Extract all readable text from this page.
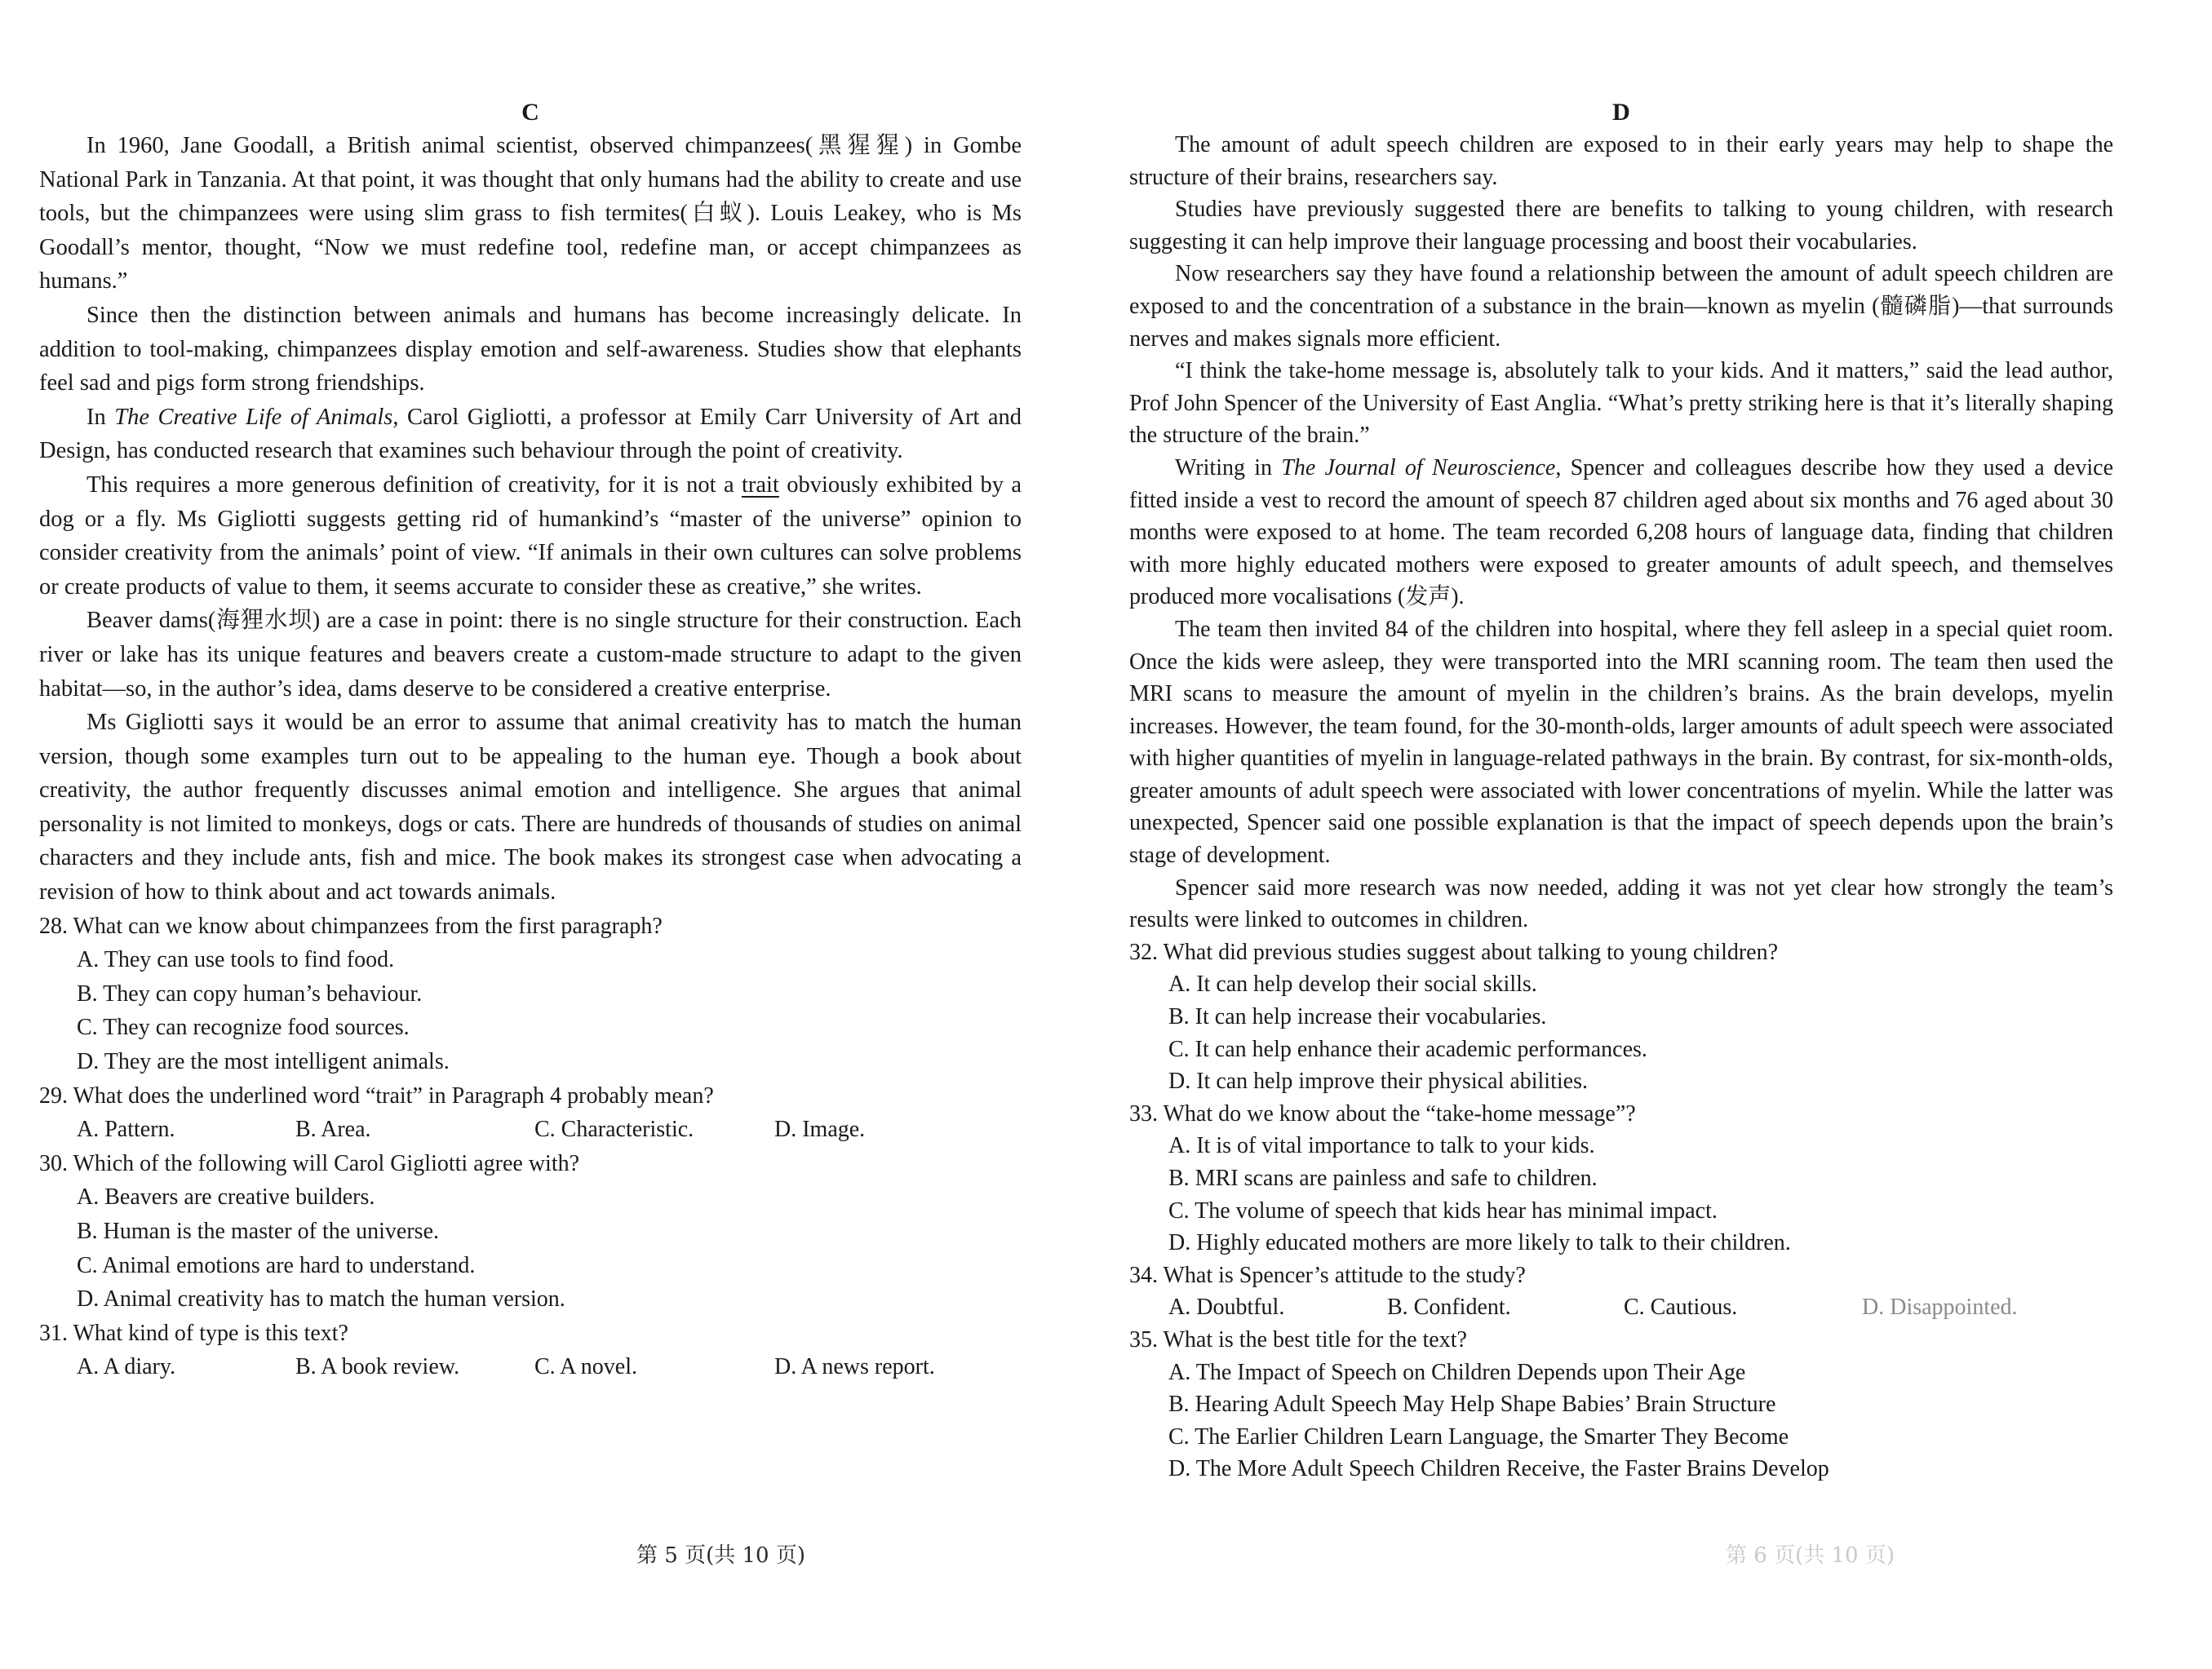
C

In 1960, Jane Goodall, a British animal scientist, observed chimpanzees(黑猩猩) in Gombe National Park in Tanzania. At that point, it was thought that only humans had the ability to create and use tools, but the chimpanzees were using slim grass to fish termites(白蚁). Louis Leakey, who is Ms Goodall’s mentor, thought, “Now we must redefine tool, redefine man, or accept chimpanzees as humans.”

Since then the distinction between animals and humans has become increasingly delicate. In addition to tool-making, chimpanzees display emotion and self-awareness. Studies show that elephants feel sad and pigs form strong friendships.

In The Creative Life of Animals, Carol Gigliotti, a professor at Emily Carr University of Art and Design, has conducted research that examines such behaviour through the point of creativity.

This requires a more generous definition of creativity, for it is not a trait obviously exhibited by a dog or a fly. Ms Gigliotti suggests getting rid of humankind’s “master of the universe” opinion to consider creativity from the animals’ point of view. “If animals in their own cultures can solve problems or create products of value to them, it seems accurate to consider these as creative,” she writes.

Beaver dams(海狸水坝) are a case in point: there is no single structure for their construction. Each river or lake has its unique features and beavers create a custom-made structure to adapt to the given habitat—so, in the author’s idea, dams deserve to be considered a creative enterprise.

Ms Gigliotti says it would be an error to assume that animal creativity has to match the human version, though some examples turn out to be appealing to the human eye. Though a book about creativity, the author frequently discusses animal emotion and intelligence. She argues that animal personality is not limited to monkeys, dogs or cats. There are hundreds of thousands of studies on animal characters and they include ants, fish and mice. The book makes its strongest case when advocating a revision of how to think about and act towards animals.

28. What can we know about chimpanzees from the first paragraph?

A. They can use tools to find food.

B. They can copy human’s behaviour.

C. They can recognize food sources.

D. They are the most intelligent animals.

29. What does the underlined word “trait” in Paragraph 4 probably mean?

A. Pattern.	B. Area.	C. Characteristic.	D. Image.

30. Which of the following will Carol Gigliotti agree with?

A. Beavers are creative builders.

B. Human is the master of the universe.

C. Animal emotions are hard to understand.

D. Animal creativity has to match the human version.

31. What kind of type is this text?

A. A diary.	B. A book review.	C. A novel.	D. A news report.
第 5 页(共 10 页)
D

The amount of adult speech children are exposed to in their early years may help to shape the structure of their brains, researchers say.

Studies have previously suggested there are benefits to talking to young children, with research suggesting it can help improve their language processing and boost their vocabularies.

Now researchers say they have found a relationship between the amount of adult speech children are exposed to and the concentration of a substance in the brain—known as myelin (髓磷脂)—that surrounds nerves and makes signals more efficient.

“I think the take-home message is, absolutely talk to your kids. And it matters,” said the lead author, Prof John Spencer of the University of East Anglia. “What’s pretty striking here is that it’s literally shaping the structure of the brain.”

Writing in The Journal of Neuroscience, Spencer and colleagues describe how they used a device fitted inside a vest to record the amount of speech 87 children aged about six months and 76 aged about 30 months were exposed to at home. The team recorded 6,208 hours of language data, finding that children with more highly educated mothers were exposed to greater amounts of adult speech, and themselves produced more vocalisations (发声).

The team then invited 84 of the children into hospital, where they fell asleep in a special quiet room. Once the kids were asleep, they were transported into the MRI scanning room. The team then used the MRI scans to measure the amount of myelin in the children’s brains. As the brain develops, myelin increases. However, the team found, for the 30-month-olds, larger amounts of adult speech were associated with higher quantities of myelin in language-related pathways in the brain. By contrast, for six-month-olds, greater amounts of adult speech were associated with lower concentrations of myelin. While the latter was unexpected, Spencer said one possible explanation is that the impact of speech depends upon the brain’s stage of development.

Spencer said more research was now needed, adding it was not yet clear how strongly the team’s results were linked to outcomes in children.

32. What did previous studies suggest about talking to young children?

A. It can help develop their social skills.

B. It can help increase their vocabularies.

C. It can help enhance their academic performances.

D. It can help improve their physical abilities.

33. What do we know about the “take-home message”?

A. It is of vital importance to talk to your kids.

B. MRI scans are painless and safe to children.

C. The volume of speech that kids hear has minimal impact.

D. Highly educated mothers are more likely to talk to their children.

34. What is Spencer’s attitude to the study?

A. Doubtful.	B. Confident.	C. Cautious.	D. Disappointed.

35. What is the best title for the text?

A. The Impact of Speech on Children Depends upon Their Age

B. Hearing Adult Speech May Help Shape Babies’ Brain Structure

C. The Earlier Children Learn Language, the Smarter They Become

D. The More Adult Speech Children Receive, the Faster Brains Develop

第 6 页(共 10 页)
